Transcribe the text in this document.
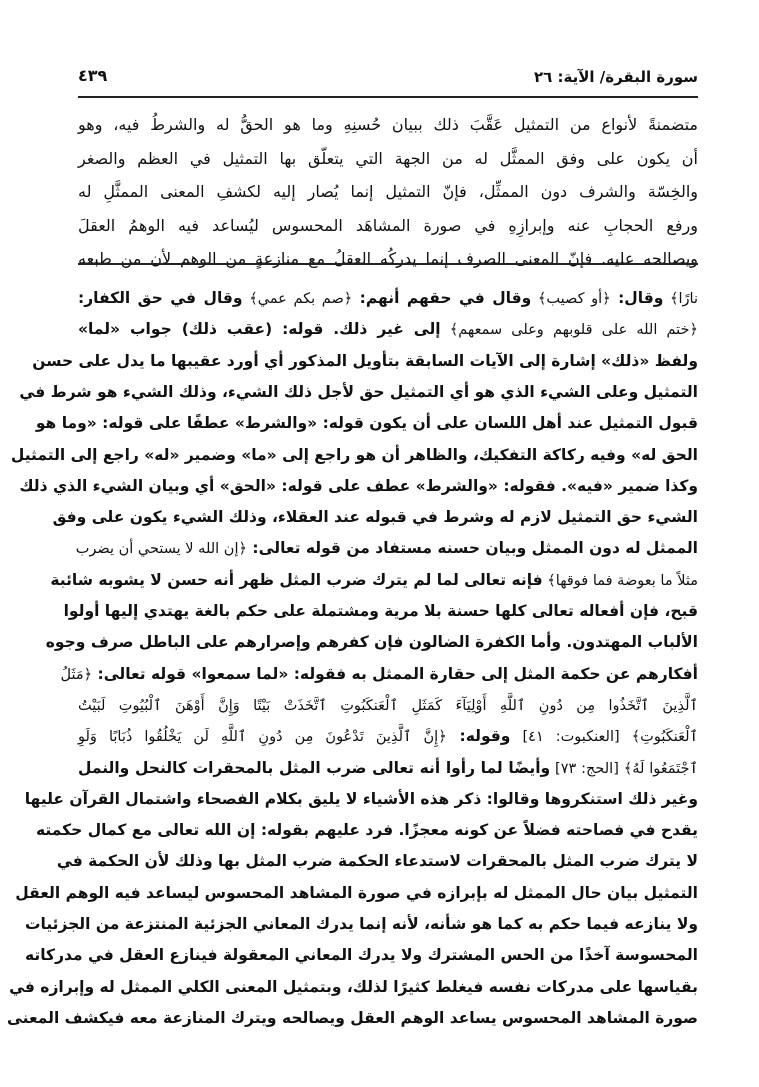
سورة البقرة/ الآية: ٢٦
٤٣٩
متضمنةً لأنواع من التمثيل عَقَّبَ ذلك ببيان حُسنِهِ وما هو الحقُّ له والشرطُ فيه، وهو
أن يكون على وفق الممثَّل له من الجهة التي يتعلّق بها التمثيل في العظم والصغر
والخِسّة والشرف دون الممثِّل، فإنّ التمثيل إنما يُصار إليه لكشفِ المعنى الممثَّلِ له
ورفع الحجابِ عنه وإبرازِهِ في صورة المشاهَد المحسوس ليُساعد فيه الوهمُ العقلَ
ويصالحه عليه. فإنّ المعنى الصرف إنما يدركُه العقلُ مع منازعةٍ من الوهم لأن من طبعه
نارًا﴾ وقال: ﴿أو كصيب﴾ وقال في حقهم أنهم: ﴿صم بكم عمي﴾ وقال في حق الكفار:
﴿ختم الله على قلوبهم وعلى سمعهم﴾ إلى غير ذلك. قوله: (عقب ذلك) جواب «لما»
ولفظ «ذلك» إشارة إلى الآيات السابقة بتأويل المذكور أي أورد عقيبها ما يدل على حسن
التمثيل وعلى الشيء الذي هو أي التمثيل حق لأجل ذلك الشيء، وذلك الشيء هو شرط في
قبول التمثيل عند أهل اللسان على أن يكون قوله: «والشرط» عطفًا على قوله: «وما هو
الحق له» وفيه ركاكة التفكيك، والظاهر أن هو راجع إلى «ما» وضمير «له» راجع إلى التمثيل
وكذا ضمير «فيه». فقوله: «والشرط» عطف على قوله: «الحق» أي وبيان الشيء الذي ذلك
الشيء حق التمثيل لازم له وشرط في قبوله عند العقلاء، وذلك الشيء يكون على وفق
الممثل له دون الممثل وبيان حسنه مستفاد من قوله تعالى: ﴿إن الله لا يستحي أن يضرب
مثلاً ما بعوضة فما فوقها﴾ فإنه تعالى لما لم يترك ضرب المثل ظهر أنه حسن لا يشوبه شائبة
قبح، فإن أفعاله تعالى كلها حسنة بلا مرية ومشتملة على حكم بالغة يهتدي إليها أولوا
الألباب المهتدون. وأما الكفرة الضالون فإن كفرهم وإصرارهم على الباطل صرف وجوه
أفكارهم عن حكمة المثل إلى حقارة الممثل به فقوله: «لما سمعوا» قوله تعالى: ﴿مَثَلُ
ٱلَّذِينَ ٱتَّخَذُوا مِن دُونِ ٱللَّهِ أَوْلِيَآءَ كَمَثَلِ ٱلْعَنكَبُوتِ ٱتَّخَذَتْ بَيْتًا وَإِنَّ أَوْهَنَ ٱلْبُيُوتِ لَبَيْتُ
ٱلْعَنكَبُوتِ﴾ [العنكبوت: ٤١] وقوله: ﴿إِنَّ ٱلَّذِينَ تَدْعُونَ مِن دُونِ ٱللَّهِ لَن يَخْلُقُوا ذُبَابًا وَلَوِ
ٱجْتَمَعُوا لَهُ﴾ [الحج: ٧٣] وأيضًا لما رأوا أنه تعالى ضرب المثل بالمحقرات كالنحل والنمل
وغير ذلك استنكروها وقالوا: ذكر هذه الأشياء لا يليق بكلام الفصحاء واشتمال القرآن عليها
يقدح في فصاحته فضلاً عن كونه معجزًا. فرد عليهم بقوله: إن الله تعالى مع كمال حكمته
لا يترك ضرب المثل بالمحقرات لاستدعاء الحكمة ضرب المثل بها وذلك لأن الحكمة في
التمثيل بيان حال الممثل له بإبرازه في صورة المشاهد المحسوس ليساعد فيه الوهم العقل
ولا ينازعه فيما حكم به كما هو شأنه، لأنه إنما يدرك المعاني الجزئية المنتزعة من الجزئيات
المحسوسة آخذًا من الحس المشترك ولا يدرك المعاني المعقولة فينازع العقل في مدركاته
بقياسها على مدركات نفسه فيغلط كثيرًا لذلك، وبتمثيل المعنى الكلي الممثل له وإبرازه في
صورة المشاهد المحسوس يساعد الوهم العقل ويصالحه ويترك المنازعة معه فيكشف المعنى
